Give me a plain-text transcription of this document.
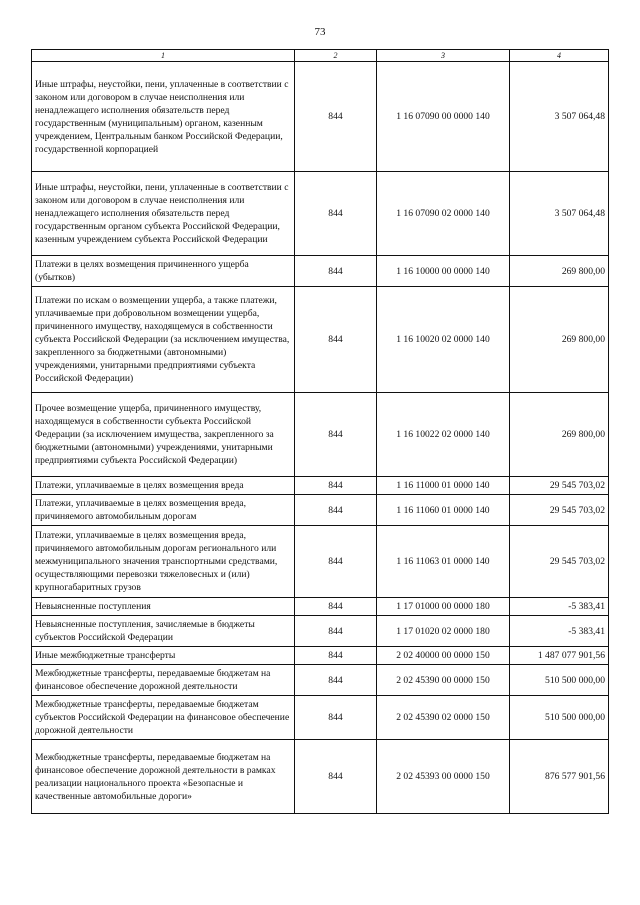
73
1	2	3	4
Иные штрафы, неустойки, пени, уплаченные в соответствии с законом или договором в случае неисполнения или ненадлежащего исполнения обязательств перед государственным (муниципальным) органом, казенным учреждением, Центральным банком Российской Федерации, государственной корпорацией	844	1 16 07090 00 0000 140	3 507 064,48
Иные штрафы, неустойки, пени, уплаченные в соответствии с законом или договором в случае неисполнения или ненадлежащего исполнения обязательств перед государственным органом субъекта Российской Федерации, казенным учреждением субъекта Российской Федерации	844	1 16 07090 02 0000 140	3 507 064,48
Платежи в целях возмещения причиненного ущерба (убытков)	844	1 16 10000 00 0000 140	269 800,00
Платежи по искам о возмещении ущерба, а также платежи, уплачиваемые при добровольном возмещении ущерба, причиненного имуществу, находящемуся в собственности субъекта Российской Федерации (за исключением имущества, закрепленного за бюджетными (автономными) учреждениями, унитарными предприятиями субъекта Российской Федерации)	844	1 16 10020 02 0000 140	269 800,00
Прочее возмещение ущерба, причиненного имуществу, находящемуся в собственности субъекта Российской Федерации (за исключением имущества, закрепленного за бюджетными (автономными) учреждениями, унитарными предприятиями субъекта Российской Федерации)	844	1 16 10022 02 0000 140	269 800,00
Платежи, уплачиваемые в целях возмещения вреда	844	1 16 11000 01 0000 140	29 545 703,02
Платежи, уплачиваемые в целях возмещения вреда, причиняемого автомобильным дорогам	844	1 16 11060 01 0000 140	29 545 703,02
Платежи, уплачиваемые в целях возмещения вреда, причиняемого автомобильным дорогам регионального или межмуниципального значения транспортными средствами, осуществляющими перевозки тяжеловесных и (или) крупногабаритных грузов	844	1 16 11063 01 0000 140	29 545 703,02
Невыясненные поступления	844	1 17 01000 00 0000 180	-5 383,41
Невыясненные поступления, зачисляемые в бюджеты субъектов Российской Федерации	844	1 17 01020 02 0000 180	-5 383,41
Иные межбюджетные трансферты	844	2 02 40000 00 0000 150	1 487 077 901,56
Межбюджетные трансферты, передаваемые бюджетам на финансовое обеспечение дорожной деятельности	844	2 02 45390 00 0000 150	510 500 000,00
Межбюджетные трансферты, передаваемые бюджетам субъектов Российской Федерации на финансовое обеспечение дорожной деятельности	844	2 02 45390 02 0000 150	510 500 000,00
Межбюджетные трансферты, передаваемые бюджетам на финансовое обеспечение дорожной деятельности в рамках реализации национального проекта «Безопасные и качественные автомобильные дороги»	844	2 02 45393 00 0000 150	876 577 901,56
